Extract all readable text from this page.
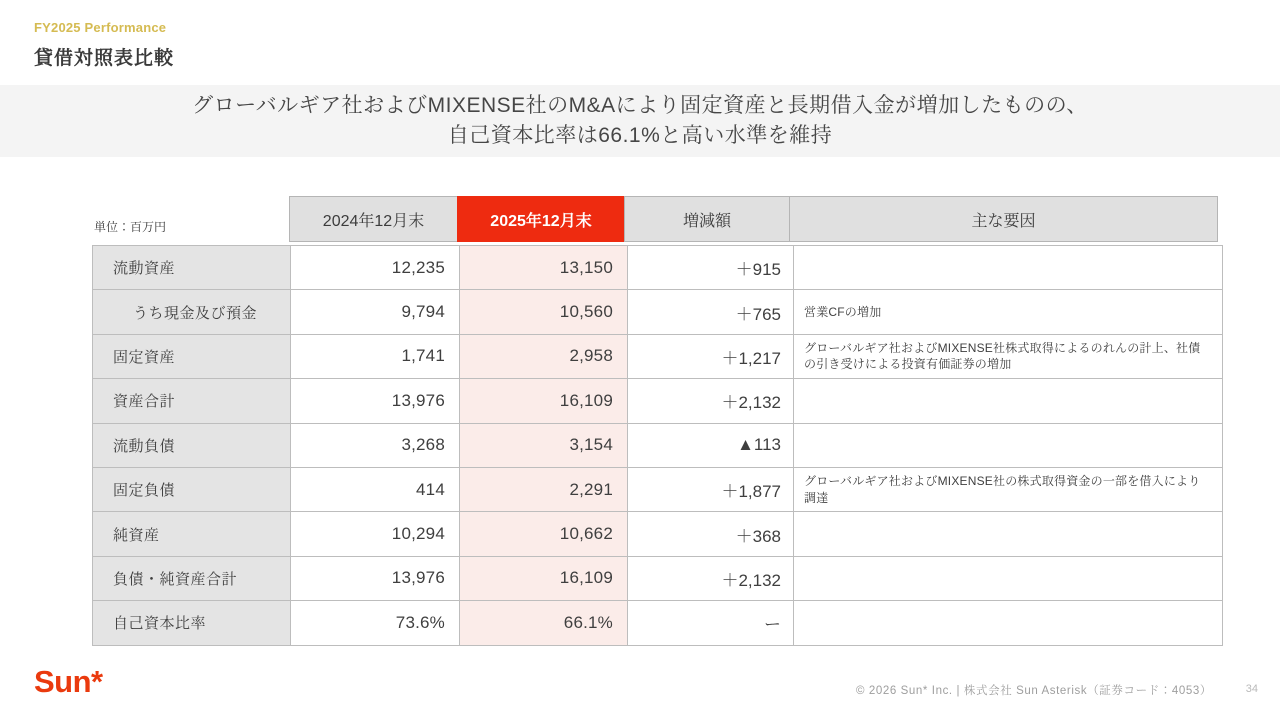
FY2025 Performance
貸借対照表比較
グローバルギア社およびMIXENSE社のM&Aにより固定資産と長期借入金が増加したものの、
自己資本比率は66.1%と高い水準を維持
単位：百万円	2024年12月末	2025年12月末	増減額	主な要因
流動資産	12,235	13,150	＋915	
うち現金及び預金	9,794	10,560	＋765	営業CFの増加
固定資産	1,741	2,958	＋1,217	グローバルギア社およびMIXENSE社株式取得によるのれんの計上、社債の引き受けによる投資有価証券の増加
資産合計	13,976	16,109	＋2,132	
流動負債	3,268	3,154	▲113	
固定負債	414	2,291	＋1,877	グローバルギア社およびMIXENSE社の株式取得資金の一部を借入により調達
純資産	10,294	10,662	＋368	
負債・純資産合計	13,976	16,109	＋2,132	
自己資本比率	73.6%	66.1%	ー	
Sun*	© 2026 Sun* Inc. | 株式会社 Sun Asterisk（証券コード：4053）	34
